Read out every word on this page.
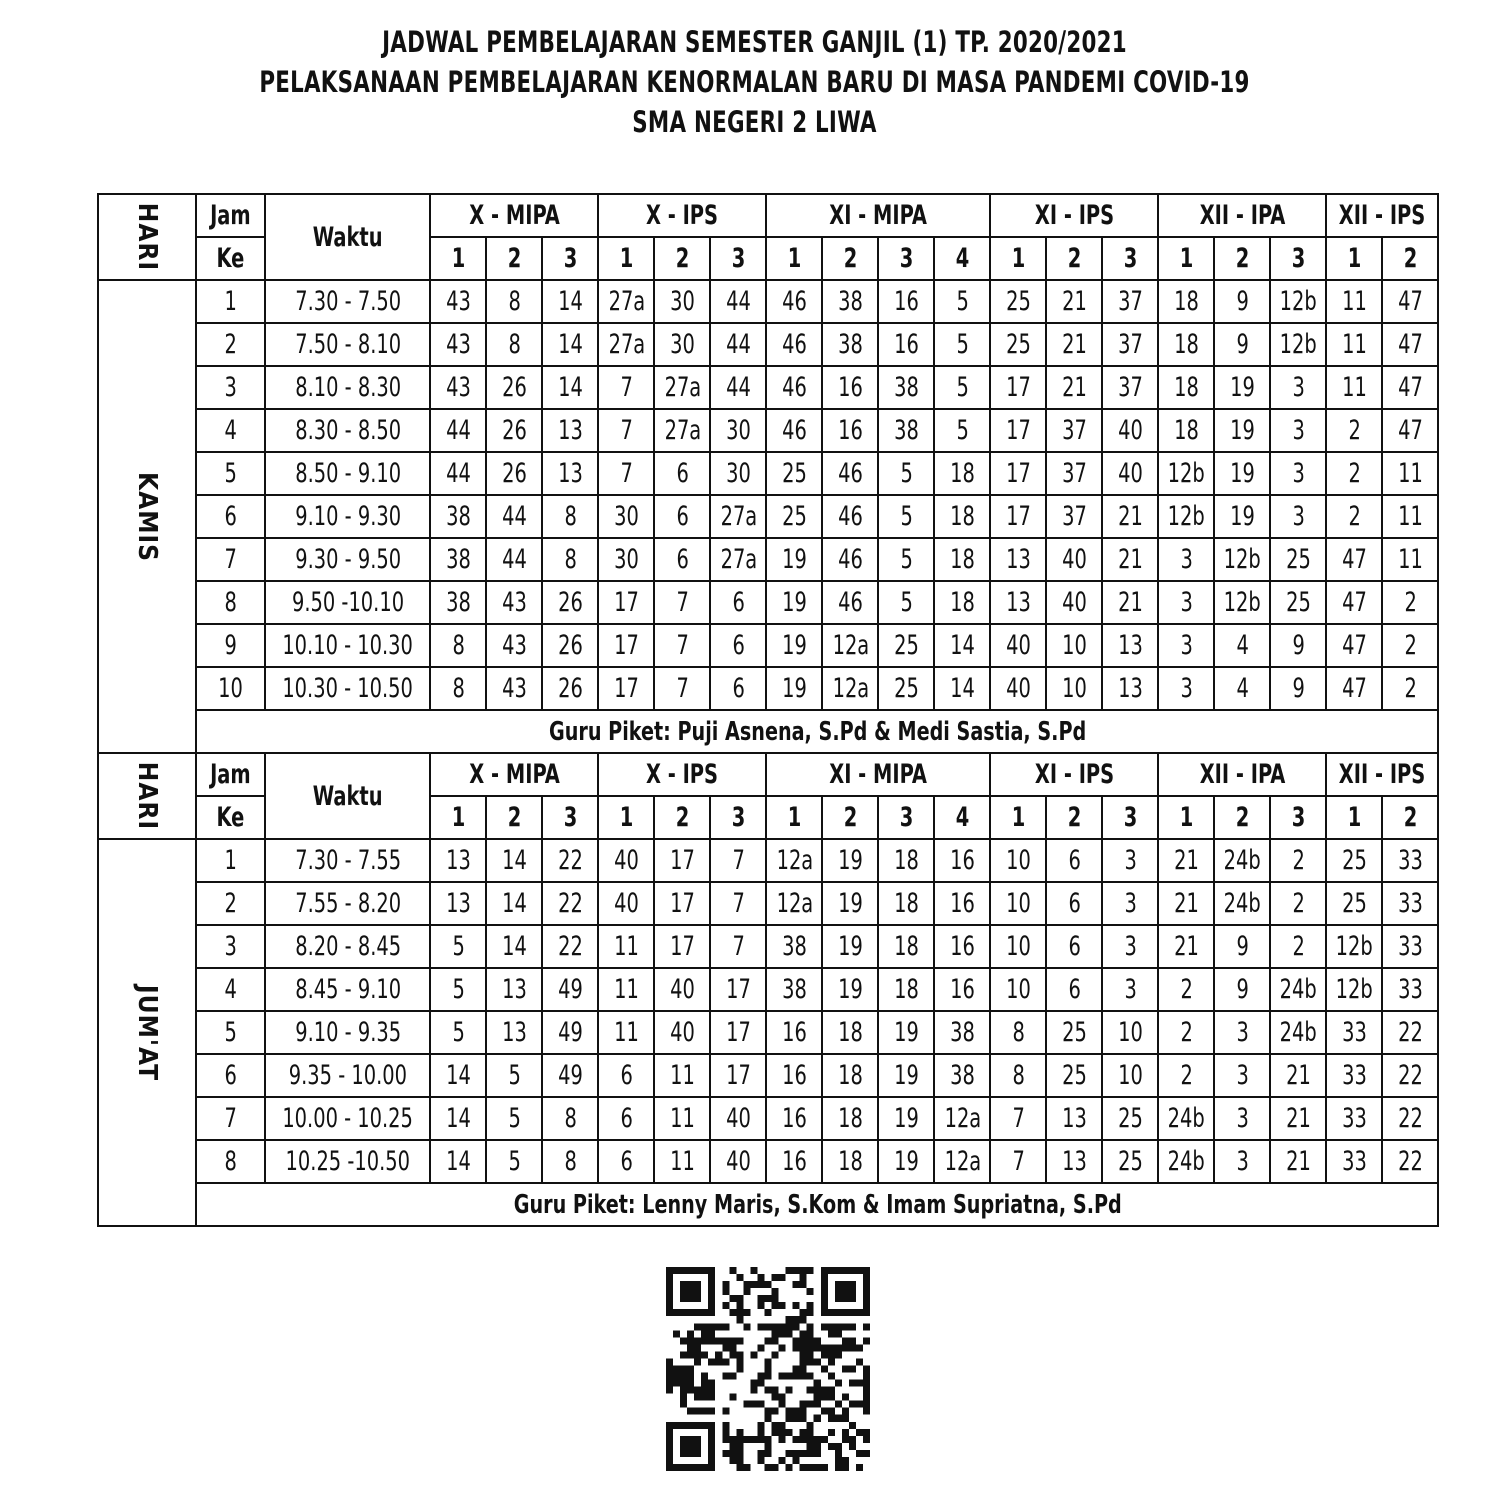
JADWAL PEMBELAJARAN SEMESTER GANJIL (1) TP. 2020/2021
PELAKSANAAN PEMBELAJARAN KENORMALAN BARU DI MASA PANDEMI COVID-19
SMA NEGERI 2 LIWA
HARI	Jam	Waktu	X - MIPA			X - IPS			XI - MIPA				XI - IPS			XII - IPA			XII - IPS	
	Ke		1	2	3	1	2	3	1	2	3	4	1	2	3	1	2	3	1	2
KAMIS	1	7.30 - 7.50	43	8	14	27a	30	44	46	38	16	5	25	21	37	18	9	12b	11	47
	2	7.50 - 8.10	43	8	14	27a	30	44	46	38	16	5	25	21	37	18	9	12b	11	47
	3	8.10 - 8.30	43	26	14	7	27a	44	46	16	38	5	17	21	37	18	19	3	11	47
	4	8.30 - 8.50	44	26	13	7	27a	30	46	16	38	5	17	37	40	18	19	3	2	47
	5	8.50 - 9.10	44	26	13	7	6	30	25	46	5	18	17	37	40	12b	19	3	2	11
	6	9.10 - 9.30	38	44	8	30	6	27a	25	46	5	18	17	37	21	12b	19	3	2	11
	7	9.30 - 9.50	38	44	8	30	6	27a	19	46	5	18	13	40	21	3	12b	25	47	11
	8	9.50 -10.10	38	43	26	17	7	6	19	46	5	18	13	40	21	3	12b	25	47	2
	9	10.10 - 10.30	8	43	26	17	7	6	19	12a	25	14	40	10	13	3	4	9	47	2
	10	10.30 - 10.50	8	43	26	17	7	6	19	12a	25	14	40	10	13	3	4	9	47	2
	Guru Piket: Puji Asnena, S.Pd & Medi Sastia, S.Pd																			
HARI	Jam	Waktu	X - MIPA			X - IPS			XI - MIPA				XI - IPS			XII - IPA			XII - IPS	
	Ke		1	2	3	1	2	3	1	2	3	4	1	2	3	1	2	3	1	2
JUM'AT	1	7.30 - 7.55	13	14	22	40	17	7	12a	19	18	16	10	6	3	21	24b	2	25	33
	2	7.55 - 8.20	13	14	22	40	17	7	12a	19	18	16	10	6	3	21	24b	2	25	33
	3	8.20 - 8.45	5	14	22	11	17	7	38	19	18	16	10	6	3	21	9	2	12b	33
	4	8.45 - 9.10	5	13	49	11	40	17	38	19	18	16	10	6	3	2	9	24b	12b	33
	5	9.10 - 9.35	5	13	49	11	40	17	16	18	19	38	8	25	10	2	3	24b	33	22
	6	9.35 - 10.00	14	5	49	6	11	17	16	18	19	38	8	25	10	2	3	21	33	22
	7	10.00 - 10.25	14	5	8	6	11	40	16	18	19	12a	7	13	25	24b	3	21	33	22
	8	10.25 -10.50	14	5	8	6	11	40	16	18	19	12a	7	13	25	24b	3	21	33	22
	Guru Piket: Lenny Maris, S.Kom & Imam Supriatna, S.Pd																			
